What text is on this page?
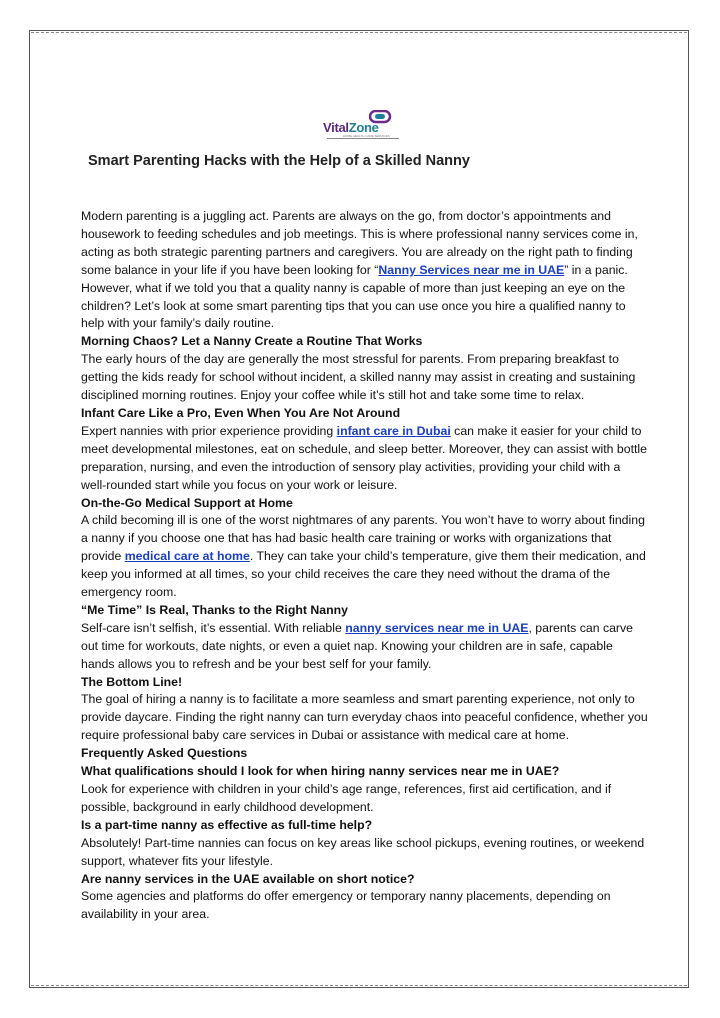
VitalZone
HOME HEALTH CARE SERVICES
Smart Parenting Hacks with the Help of a Skilled Nanny

Modern parenting is a juggling act. Parents are always on the go, from doctor’s appointments and housework to feeding schedules and job meetings. This is where professional nanny services come in, acting as both strategic parenting partners and caregivers. You are already on the right path to finding some balance in your life if you have been looking for “Nanny Services near me in UAE” in a panic.

However, what if we told you that a quality nanny is capable of more than just keeping an eye on the children? Let’s look at some smart parenting tips that you can use once you hire a qualified nanny to help with your family’s daily routine.

Morning Chaos? Let a Nanny Create a Routine That Works

The early hours of the day are generally the most stressful for parents. From preparing breakfast to getting the kids ready for school without incident, a skilled nanny may assist in creating and sustaining disciplined morning routines. Enjoy your coffee while it’s still hot and take some time to relax.

Infant Care Like a Pro, Even When You Are Not Around

Expert nannies with prior experience providing infant care in Dubai can make it easier for your child to meet developmental milestones, eat on schedule, and sleep better. Moreover, they can assist with bottle preparation, nursing, and even the introduction of sensory play activities, providing your child with a well-rounded start while you focus on your work or leisure.

On-the-Go Medical Support at Home

A child becoming ill is one of the worst nightmares of any parents. You won’t have to worry about finding a nanny if you choose one that has had basic health care training or works with organizations that provide medical care at home. They can take your child’s temperature, give them their medication, and keep you informed at all times, so your child receives the care they need without the drama of the emergency room.

“Me Time” Is Real, Thanks to the Right Nanny

Self-care isn’t selfish, it’s essential. With reliable nanny services near me in UAE, parents can carve out time for workouts, date nights, or even a quiet nap. Knowing your children are in safe, capable hands allows you to refresh and be your best self for your family.

The Bottom Line!

The goal of hiring a nanny is to facilitate a more seamless and smart parenting experience, not only to provide daycare. Finding the right nanny can turn everyday chaos into peaceful confidence, whether you require professional baby care services in Dubai or assistance with medical care at home.

Frequently Asked Questions

What qualifications should I look for when hiring nanny services near me in UAE?

Look for experience with children in your child’s age range, references, first aid certification, and if possible, background in early childhood development.

Is a part-time nanny as effective as full-time help?

Absolutely! Part-time nannies can focus on key areas like school pickups, evening routines, or weekend support, whatever fits your lifestyle.

Are nanny services in the UAE available on short notice?

Some agencies and platforms do offer emergency or temporary nanny placements, depending on availability in your area.
